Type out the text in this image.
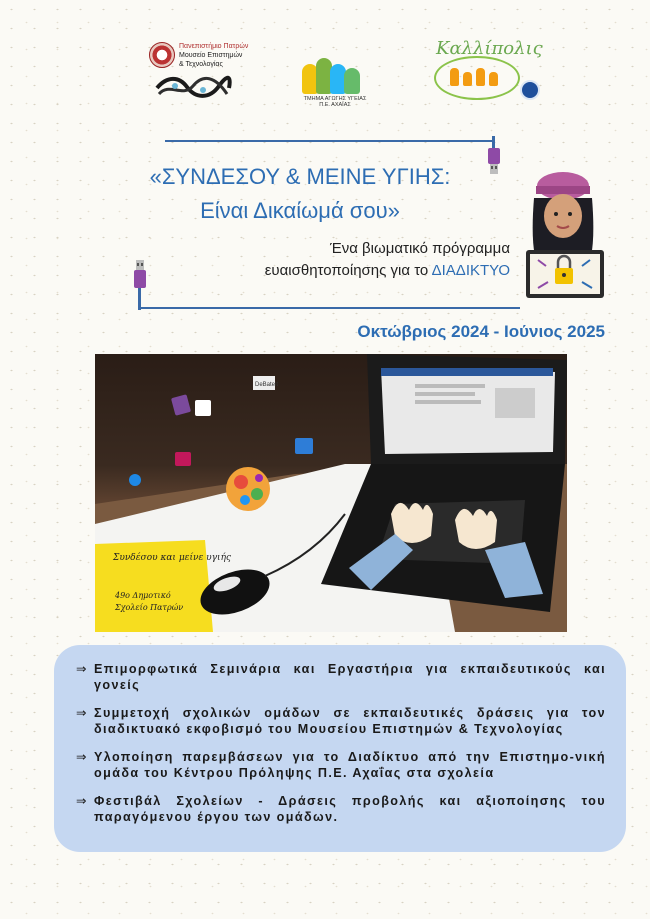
Πανεπιστήμιο Πατρών
Μουσείο Επιστημών
& Τεχνολογίας
ΤΜΗΜΑ ΑΓΩΓΗΣ ΥΓΕΙΑΣ
Π.Ε. ΑΧΑΪΑΣ
Καλλίπολις
«ΣΥΝΔΕΣΟΥ & ΜΕΙΝΕ ΥΓΙΗΣ:
Είναι Δικαίωμά σου»
Ένα βιωματικό πρόγραμμα
ευαισθητοποίησης για το ΔΙΑΔΙΚΤΥΟ
Οκτώβριος 2024 - Ιούνιος 2025
Συνδέσου και μείνε υγιής
49ο Δημοτικό
Σχολείο Πατρών
DeBateit
⇒ Επιμορφωτικά Σεμινάρια και Εργαστήρια για εκπαιδευτικούς και γονείς
⇒ Συμμετοχή σχολικών ομάδων σε εκπαιδευτικές δράσεις για τον διαδικτυακό εκφοβισμό του Μουσείου Επιστημών & Τεχνολογίας
⇒ Υλοποίηση παρεμβάσεων για το Διαδίκτυο από την Επιστημο-νική ομάδα του Κέντρου Πρόληψης Π.Ε. Αχαΐας στα σχολεία
⇒ Φεστιβάλ Σχολείων - Δράσεις προβολής και αξιοποίησης του παραγόμενου έργου των ομάδων.
